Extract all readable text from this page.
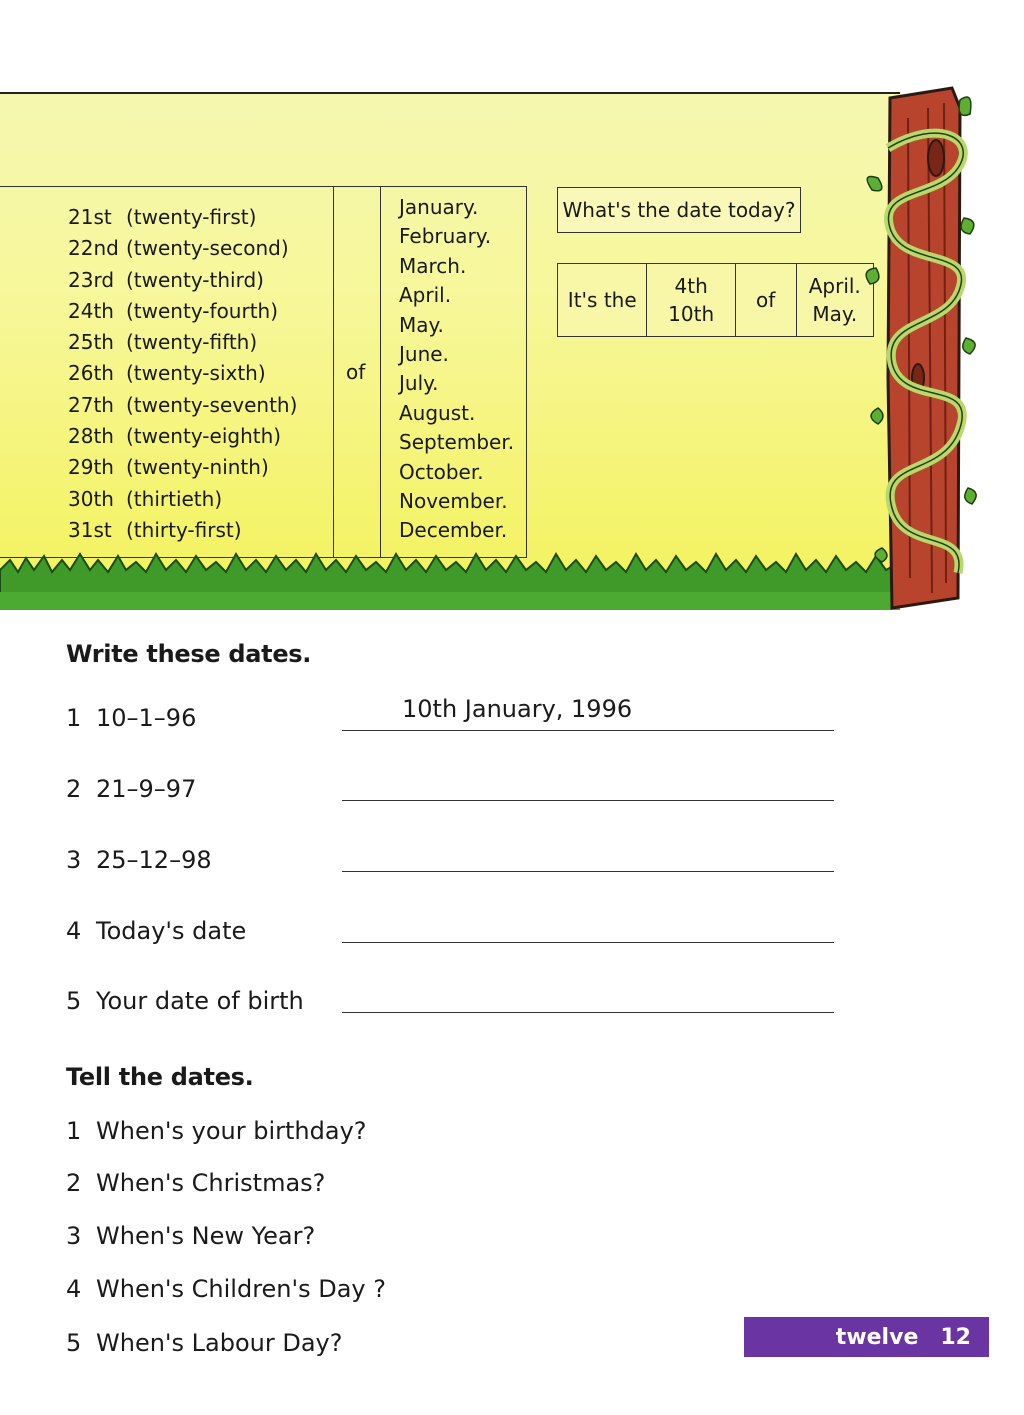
21st (twenty-first)
22nd (twenty-second)
23rd (twenty-third)
24th (twenty-fourth)
25th (twenty-fifth)
26th (twenty-sixth)
27th (twenty-seventh)
28th (twenty-eighth)
29th (twenty-ninth)
30th (thirtieth)
31st (thirty-first)
of
January.
February.
March.
April.
May.
June.
July.
August.
September.
October.
November.
December.
What's the date today?
It's the
4th
10th
of
April.
May.
Write these dates.
1 10–1–96	10th January, 1996
2 21–9–97
3 25–12–98
4 Today's date
5 Your date of birth
Tell the dates.
1 When's your birthday?
2 When's Christmas?
3 When's New Year?
4 When's Children's Day ?
5 When's Labour Day?	twelve 12
